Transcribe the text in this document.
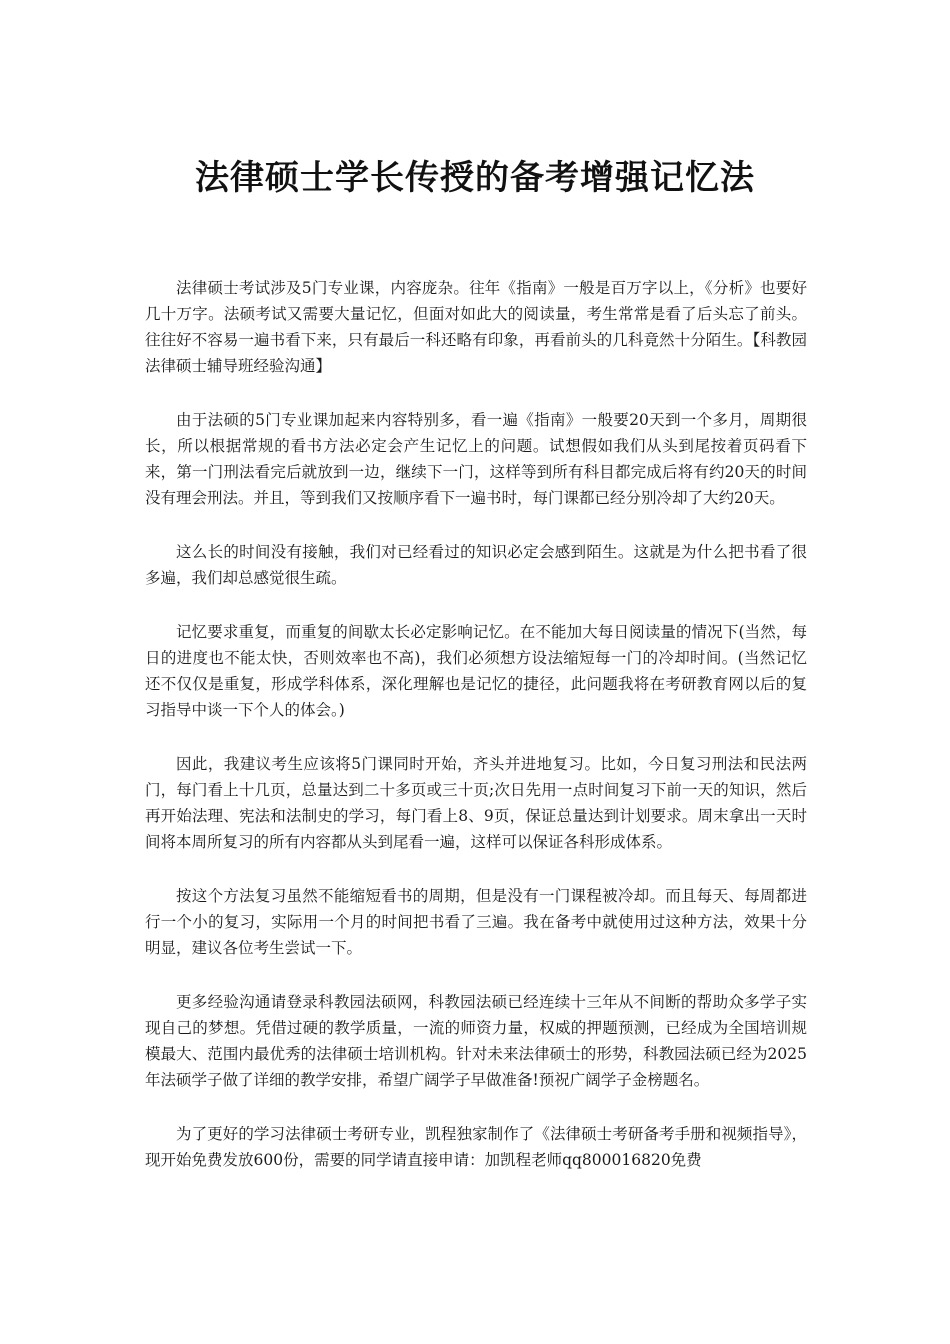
法律硕士学长传授的备考增强记忆法

法律硕士考试涉及5门专业课，内容庞杂。往年《指南》一般是百万字以上，《分析》也要好几十万字。法硕考试又需要大量记忆，但面对如此大的阅读量，考生常常是看了后头忘了前头。往往好不容易一遍书看下来，只有最后一科还略有印象，再看前头的几科竟然十分陌生。【科教园法律硕士辅导班经验沟通】

由于法硕的5门专业课加起来内容特别多，看一遍《指南》一般要20天到一个多月，周期很长，所以根据常规的看书方法必定会产生记忆上的问题。试想假如我们从头到尾按着页码看下来，第一门刑法看完后就放到一边，继续下一门，这样等到所有科目都完成后将有约20天的时间没有理会刑法。并且，等到我们又按顺序看下一遍书时，每门课都已经分别冷却了大约20天。

这么长的时间没有接触，我们对已经看过的知识必定会感到陌生。这就是为什么把书看了很多遍，我们却总感觉很生疏。

记忆要求重复，而重复的间歇太长必定影响记忆。在不能加大每日阅读量的情况下(当然，每日的进度也不能太快，否则效率也不高)，我们必须想方设法缩短每一门的冷却时间。(当然记忆还不仅仅是重复，形成学科体系，深化理解也是记忆的捷径，此问题我将在考研教育网以后的复习指导中谈一下个人的体会。)

因此，我建议考生应该将5门课同时开始，齐头并进地复习。比如，今日复习刑法和民法两门，每门看上十几页，总量达到二十多页或三十页;次日先用一点时间复习下前一天的知识，然后再开始法理、宪法和法制史的学习，每门看上8、9页，保证总量达到计划要求。周末拿出一天时间将本周所复习的所有内容都从头到尾看一遍，这样可以保证各科形成体系。

按这个方法复习虽然不能缩短看书的周期，但是没有一门课程被冷却。而且每天、每周都进行一个小的复习，实际用一个月的时间把书看了三遍。我在备考中就使用过这种方法，效果十分明显，建议各位考生尝试一下。

更多经验沟通请登录科教园法硕网，科教园法硕已经连续十三年从不间断的帮助众多学子实现自己的梦想。凭借过硬的教学质量，一流的师资力量，权威的押题预测，已经成为全国培训规模最大、范围内最优秀的法律硕士培训机构。针对未来法律硕士的形势，科教园法硕已经为2025年法硕学子做了详细的教学安排，希望广阔学子早做准备!预祝广阔学子金榜题名。

为了更好的学习法律硕士考研专业，凯程独家制作了《法律硕士考研备考手册和视频指导》，现开始免费发放600份，需要的同学请直接申请：加凯程老师qq800016820免费
